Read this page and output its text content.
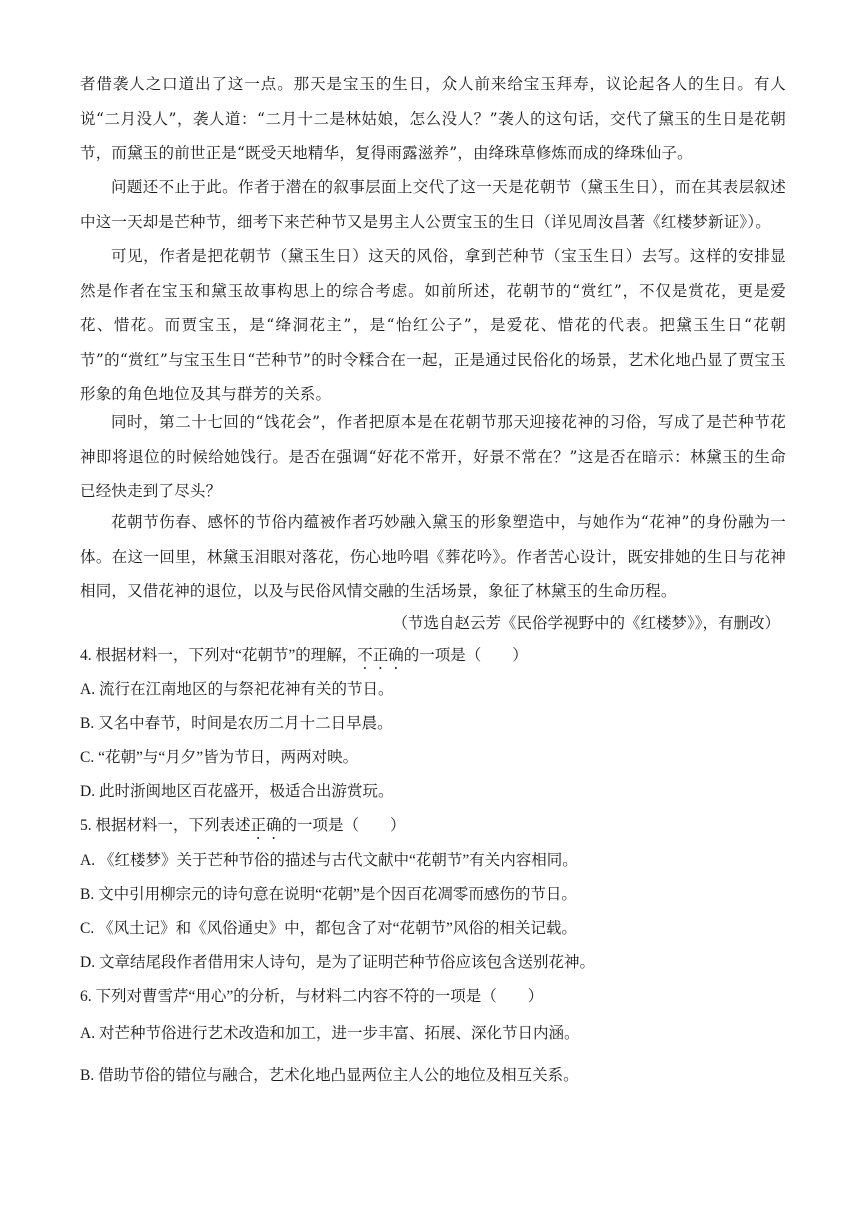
者借袭人之口道出了这一点。那天是宝玉的生日，众人前来给宝玉拜寿，议论起各人的生日。有人说“二月没人”，袭人道：“二月十二是林姑娘，怎么没人？”袭人的这句话，交代了黛玉的生日是花朝节，而黛玉的前世正是“既受天地精华，复得雨露滋养”，由绛珠草修炼而成的绛珠仙子。
问题还不止于此。作者于潜在的叙事层面上交代了这一天是花朝节（黛玉生日），而在其表层叙述中这一天却是芒种节，细考下来芒种节又是男主人公贾宝玉的生日（详见周汝昌著《红楼梦新证》）。
可见，作者是把花朝节（黛玉生日）这天的风俗，拿到芒种节（宝玉生日）去写。这样的安排显然是作者在宝玉和黛玉故事构思上的综合考虑。如前所述，花朝节的“赏红”，不仅是赏花，更是爱花、惜花。而贾宝玉，是“绛洞花主”，是“怡红公子”，是爱花、惜花的代表。把黛玉生日“花朝节”的“赏红”与宝玉生日“芒种节”的时令糅合在一起，正是通过民俗化的场景，艺术化地凸显了贾宝玉形象的角色地位及其与群芳的关系。
同时，第二十七回的“饯花会”，作者把原本是在花朝节那天迎接花神的习俗，写成了是芒种节花神即将退位的时候给她饯行。是否在强调“好花不常开，好景不常在？”这是否在暗示：林黛玉的生命已经快走到了尽头？
花朝节伤春、感怀的节俗内蕴被作者巧妙融入黛玉的形象塑造中，与她作为“花神”的身份融为一体。在这一回里，林黛玉泪眼对落花，伤心地吟唱《葬花吟》。作者苦心设计，既安排她的生日与花神相同，又借花神的退位，以及与民俗风情交融的生活场景，象征了林黛玉的生命历程。
（节选自赵云芳《民俗学视野中的《红楼梦》》，有删改）
4. 根据材料一，下列对“花朝节”的理解，不正确的一项是（　　）
A. 流行在江南地区的与祭祀花神有关的节日。
B. 又名中春节，时间是农历二月十二日早晨。
C. “花朝”与“月夕”皆为节日，两两对映。
D. 此时浙闽地区百花盛开，极适合出游赏玩。
5. 根据材料一，下列表述正确的一项是（　　）
A. 《红楼梦》关于芒种节俗的描述与古代文献中“花朝节”有关内容相同。
B. 文中引用柳宗元的诗句意在说明“花朝”是个因百花凋零而感伤的节日。
C. 《风土记》和《风俗通史》中，都包含了对“花朝节”风俗的相关记载。
D. 文章结尾段作者借用宋人诗句，是为了证明芒种节俗应该包含送别花神。
6. 下列对曹雪芹“用心”的分析，与材料二内容不符的一项是（　　）
A. 对芒种节俗进行艺术改造和加工，进一步丰富、拓展、深化节日内涵。
B. 借助节俗的错位与融合，艺术化地凸显两位主人公的地位及相互关系。
